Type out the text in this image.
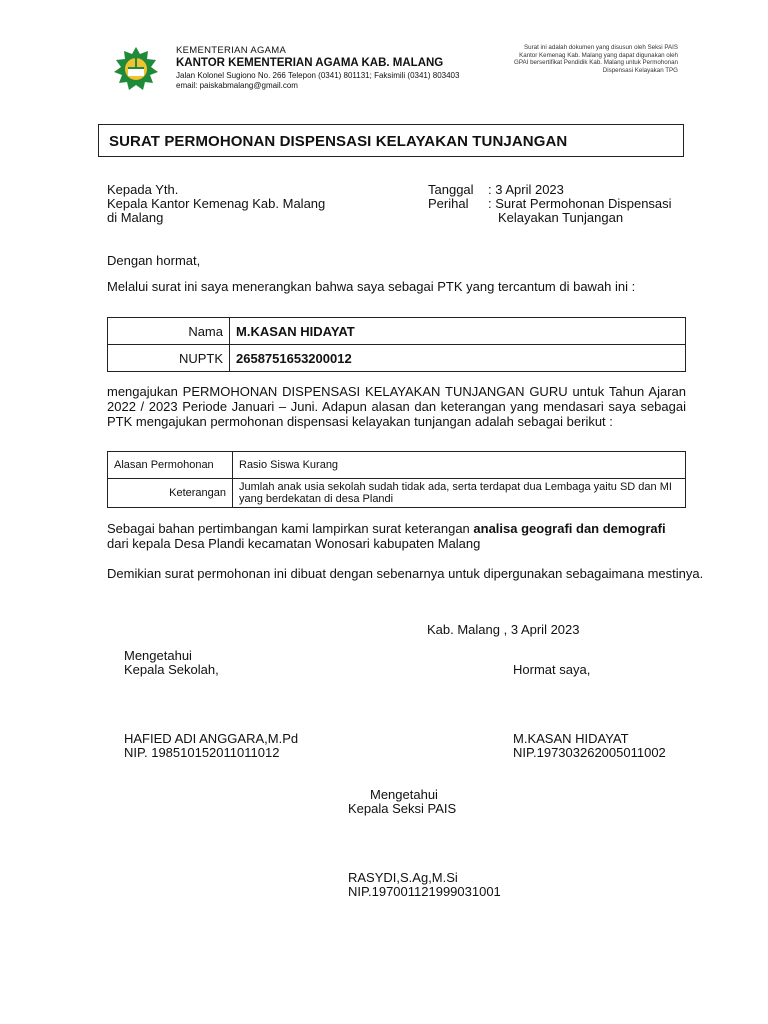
KEMENTERIAN AGAMA
KANTOR KEMENTERIAN AGAMA KAB. MALANG
Jalan Kolonel Sugiono No. 266 Telepon (0341) 801131; Faksimili (0341) 803403
email: paiskabmalang@gmail.com
Surat ini adalah dokumen yang disusun oleh Seksi PAIS Kantor Kemenag Kab. Malang yang dapat digunakan oleh GPAI bersertifikat Pendidik Kab. Malang untuk Permohonan Dispensasi Kelayakan TPG
SURAT PERMOHONAN DISPENSASI KELAYAKAN TUNJANGAN
Kepada Yth.
Kepala Kantor Kemenag Kab. Malang
di Malang
Tanggal : 3 April 2023
Perihal : Surat Permohonan Dispensasi
Kelayakan Tunjangan
Dengan hormat,
Melalui surat ini saya menerangkan bahwa saya sebagai PTK yang tercantum di bawah ini :
Nama	M.KASAN HIDAYAT
NUPTK	2658751653200012
mengajukan PERMOHONAN DISPENSASI KELAYAKAN TUNJANGAN GURU untuk Tahun Ajaran 2022 / 2023 Periode Januari – Juni. Adapun alasan dan keterangan yang mendasari saya sebagai PTK mengajukan permohonan dispensasi kelayakan tunjangan adalah sebagai berikut :
Alasan Permohonan	Rasio Siswa Kurang
Keterangan	Jumlah anak usia sekolah sudah tidak ada, serta terdapat dua Lembaga yaitu SD dan MI yang berdekatan di desa Plandi
Sebagai bahan pertimbangan kami lampirkan surat keterangan analisa geografi dan demografi
dari kepala Desa Plandi kecamatan Wonosari kabupaten Malang
Demikian surat permohonan ini dibuat dengan sebenarnya untuk dipergunakan sebagaimana mestinya.
Kab. Malang , 3 April 2023
Mengetahui
Kepala Sekolah,
HAFIED ADI ANGGARA,M.Pd
NIP. 198510152011011012
Hormat saya,
M.KASAN HIDAYAT
NIP.197303262005011002
Mengetahui
Kepala Seksi PAIS
RASYDI,S.Ag,M.Si
NIP.197001121999031001
